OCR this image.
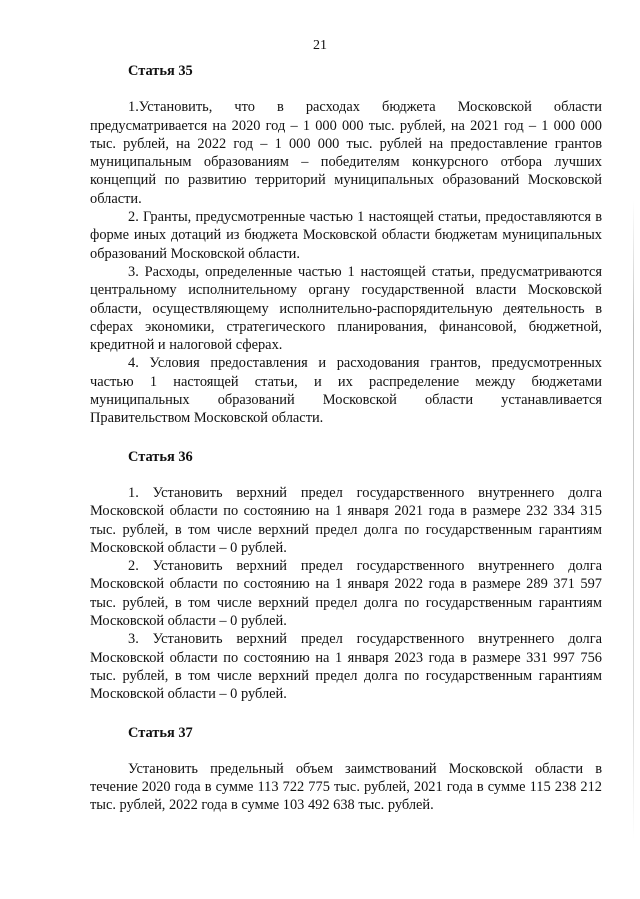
21

Статья 35

1.Установить, что в расходах бюджета Московской области предусматривается на 2020 год – 1 000 000 тыс. рублей, на 2021 год – 1 000 000 тыс. рублей, на 2022 год – 1 000 000 тыс. рублей на предоставление грантов муниципальным образованиям – победителям конкурсного отбора лучших концепций по развитию территорий муниципальных образований Московской области.

2. Гранты, предусмотренные частью 1 настоящей статьи, предоставляются в форме иных дотаций из бюджета Московской области бюджетам муниципальных образований Московской области.

3. Расходы, определенные частью 1 настоящей статьи, предусматриваются центральному исполнительному органу государственной власти Московской области, осуществляющему исполнительно-распорядительную деятельность в сферах экономики, стратегического планирования, финансовой, бюджетной, кредитной и налоговой сферах.

4. Условия предоставления и расходования грантов, предусмотренных частью 1 настоящей статьи, и их распределение между бюджетами муниципальных образований Московской области устанавливается Правительством Московской области.

Статья 36

1. Установить верхний предел государственного внутреннего долга Московской области по состоянию на 1 января 2021 года в размере 232 334 315 тыс. рублей, в том числе верхний предел долга по государственным гарантиям Московской области – 0 рублей.

2. Установить верхний предел государственного внутреннего долга Московской области по состоянию на 1 января 2022 года в размере 289 371 597 тыс. рублей, в том числе верхний предел долга по государственным гарантиям Московской области – 0 рублей.

3. Установить верхний предел государственного внутреннего долга Московской области по состоянию на 1 января 2023 года в размере 331 997 756 тыс. рублей, в том числе верхний предел долга по государственным гарантиям Московской области – 0 рублей.

Статья 37

Установить предельный объем заимствований Московской области в течение 2020 года в сумме 113 722 775 тыс. рублей, 2021 года в сумме 115 238 212 тыс. рублей, 2022 года в сумме 103 492 638 тыс. рублей.
